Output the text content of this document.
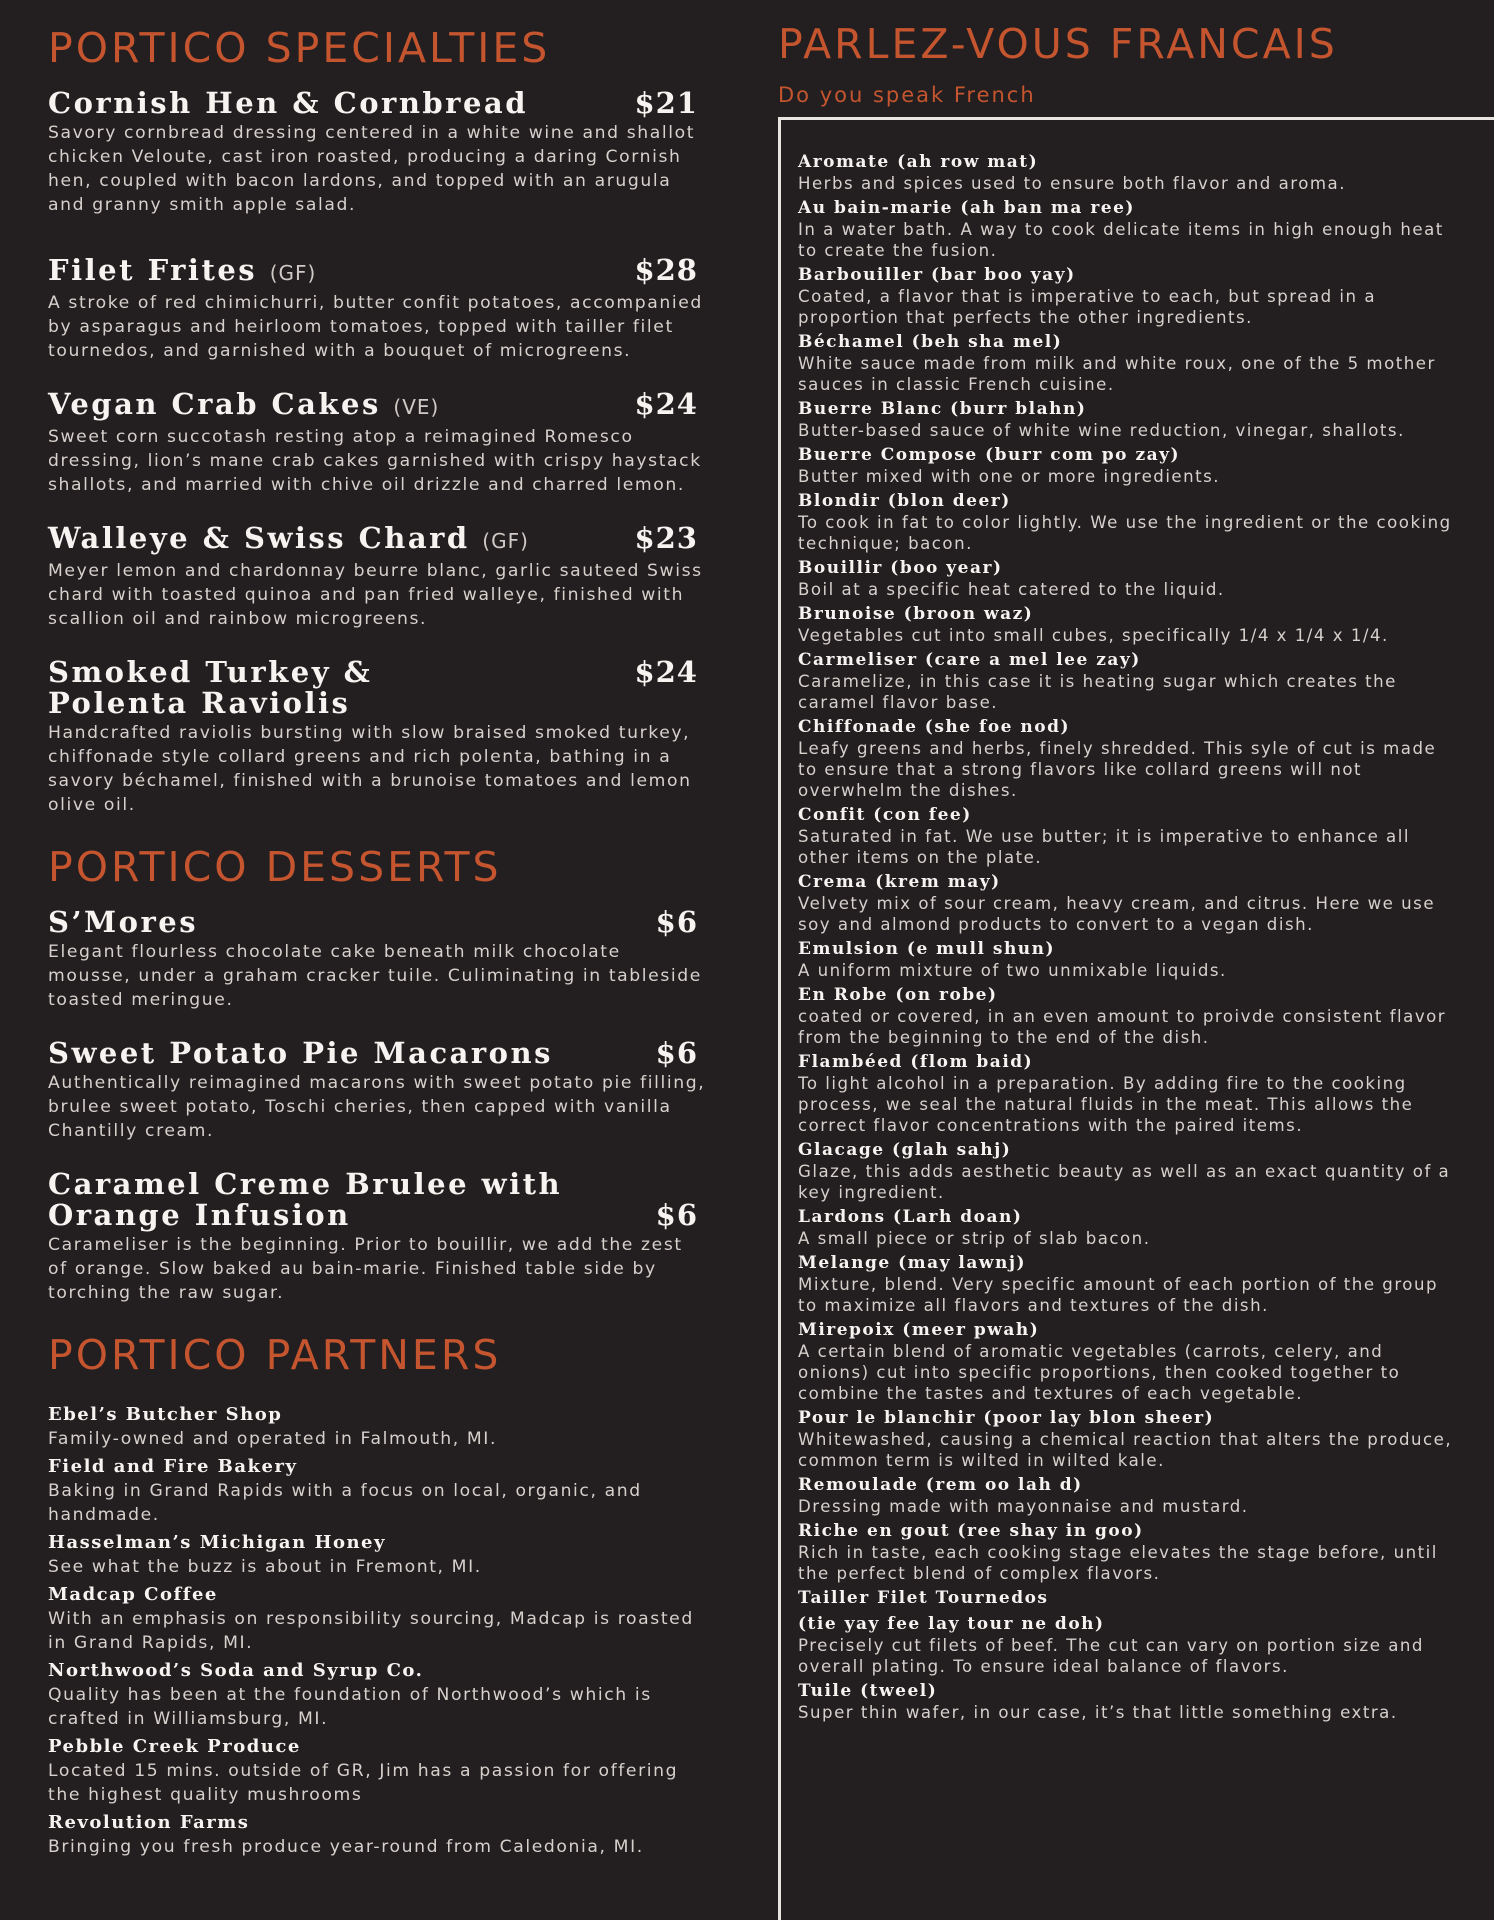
PORTICO SPECIALTIES
Cornish Hen & Cornbread	$21
Savory cornbread dressing centered in a white wine and shallot chicken Veloute, cast iron roasted, producing a daring Cornish hen, coupled with bacon lardons, and topped with an arugula and granny smith apple salad.
Filet Frites (GF)	$28
A stroke of red chimichurri, butter confit potatoes, accompanied by asparagus and heirloom tomatoes, topped with tailler filet tournedos, and garnished with a bouquet of microgreens.
Vegan Crab Cakes (VE)	$24
Sweet corn succotash resting atop a reimagined Romesco dressing, lion’s mane crab cakes garnished with crispy haystack shallots, and married with chive oil drizzle and charred lemon.
Walleye & Swiss Chard (GF)	$23
Meyer lemon and chardonnay beurre blanc, garlic sauteed Swiss chard with toasted quinoa and pan fried walleye, finished with scallion oil and rainbow microgreens.
Smoked Turkey &
Polenta Raviolis
$24
Handcrafted raviolis bursting with slow braised smoked turkey, chiffonade style collard greens and rich polenta, bathing in a savory béchamel, finished with a brunoise tomatoes and lemon olive oil.
PORTICO DESSERTS
S’Mores	$6
Elegant flourless chocolate cake beneath milk chocolate mousse, under a graham cracker tuile. Culiminating in tableside toasted meringue.
Sweet Potato Pie Macarons	$6
Authentically reimagined macarons with sweet potato pie filling, brulee sweet potato, Toschi cheries, then capped with vanilla Chantilly cream.
Caramel Creme Brulee with
Orange Infusion	$6
Carameliser is the beginning. Prior to bouillir, we add the zest of orange. Slow baked au bain-marie. Finished table side by torching the raw sugar.
PORTICO PARTNERS
Ebel’s Butcher Shop
Family-owned and operated in Falmouth, MI.
Field and Fire Bakery
Baking in Grand Rapids with a focus on local, organic, and handmade.
Hasselman’s Michigan Honey
See what the buzz is about in Fremont, MI.
Madcap Coffee
With an emphasis on responsibility sourcing, Madcap is roasted in Grand Rapids, MI.
Northwood’s Soda and Syrup Co.
Quality has been at the foundation of Northwood’s which is crafted in Williamsburg, MI.
Pebble Creek Produce
Located 15 mins. outside of GR, Jim has a passion for offering the highest quality mushrooms
Revolution Farms
Bringing you fresh produce year-round from Caledonia, MI.
PARLEZ-VOUS FRANCAIS
Do you speak French
Aromate (ah row mat)
Herbs and spices used to ensure both flavor and aroma.
Au bain-marie (ah ban ma ree)
In a water bath. A way to cook delicate items in high enough heat to create the fusion.
Barbouiller (bar boo yay)
Coated, a flavor that is imperative to each, but spread in a proportion that perfects the other ingredients.
Béchamel (beh sha mel)
White sauce made from milk and white roux, one of the 5 mother sauces in classic French cuisine.
Buerre Blanc (burr blahn)
Butter-based sauce of white wine reduction, vinegar, shallots.
Buerre Compose (burr com po zay)
Butter mixed with one or more ingredients.
Blondir (blon deer)
To cook in fat to color lightly. We use the ingredient or the cooking technique; bacon.
Bouillir (boo year)
Boil at a specific heat catered to the liquid.
Brunoise (broon waz)
Vegetables cut into small cubes, specifically 1/4 x 1/4 x 1/4.
Carmeliser (care a mel lee zay)
Caramelize, in this case it is heating sugar which creates the caramel flavor base.
Chiffonade (she foe nod)
Leafy greens and herbs, finely shredded. This syle of cut is made to ensure that a strong flavors like collard greens will not overwhelm the dishes.
Confit (con fee)
Saturated in fat. We use butter; it is imperative to enhance all other items on the plate.
Crema (krem may)
Velvety mix of sour cream, heavy cream, and citrus. Here we use soy and almond products to convert to a vegan dish.
Emulsion (e mull shun)
A uniform mixture of two unmixable liquids.
En Robe (on robe)
coated or covered, in an even amount to proivde consistent flavor from the beginning to the end of the dish.
Flambéed (flom baid)
To light alcohol in a preparation. By adding fire to the cooking process, we seal the natural fluids in the meat. This allows the correct flavor concentrations with the paired items.
Glacage (glah sahj)
Glaze, this adds aesthetic beauty as well as an exact quantity of a key ingredient.
Lardons (Larh doan)
A small piece or strip of slab bacon.
Melange (may lawnj)
Mixture, blend. Very specific amount of each portion of the group to maximize all flavors and textures of the dish.
Mirepoix (meer pwah)
A certain blend of aromatic vegetables (carrots, celery, and onions) cut into specific proportions, then cooked together to combine the tastes and textures of each vegetable.
Pour le blanchir (poor lay blon sheer)
Whitewashed, causing a chemical reaction that alters the produce, common term is wilted in wilted kale.
Remoulade (rem oo lah d)
Dressing made with mayonnaise and mustard.
Riche en gout (ree shay in goo)
Rich in taste, each cooking stage elevates the stage before, until the perfect blend of complex flavors.
Tailler Filet Tournedos
(tie yay fee lay tour ne doh)
Precisely cut filets of beef. The cut can vary on portion size and overall plating. To ensure ideal balance of flavors.
Tuile (tweel)
Super thin wafer, in our case, it’s that little something extra.
